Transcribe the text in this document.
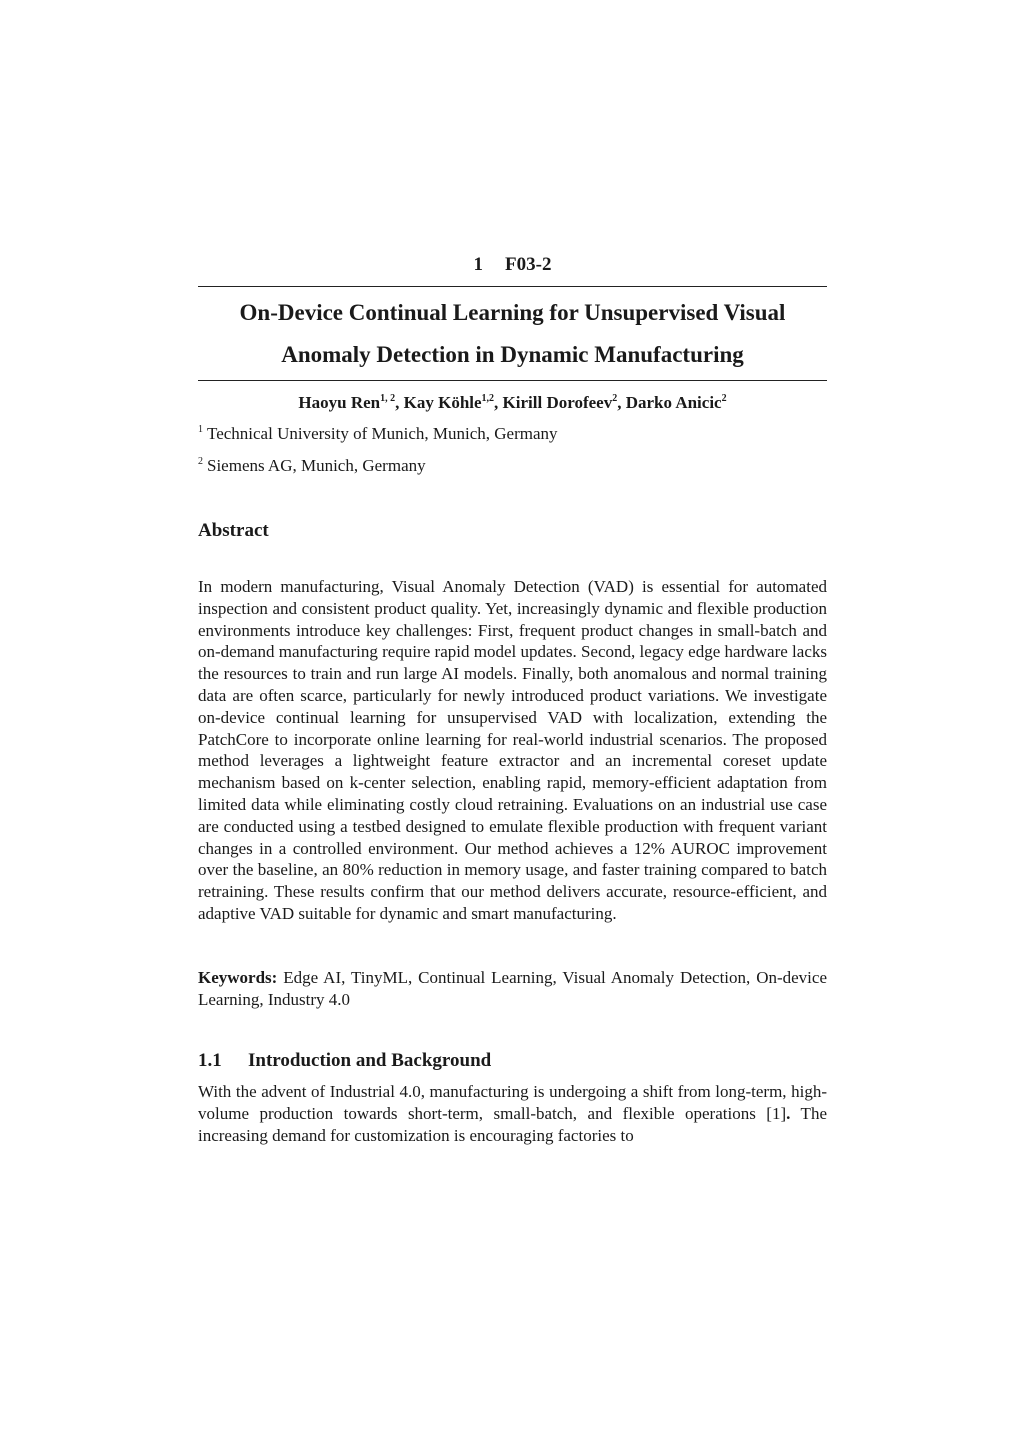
1 F03-2
On-Device Continual Learning for Unsupervised Visual
Anomaly Detection in Dynamic Manufacturing
Haoyu Ren$^{1, 2}$, Kay Köhle$^{1,2}$, Kirill Dorofeev$^2$, Darko Anicic$^2$
$^1$ Technical University of Munich, Munich, Germany
$^2$ Siemens AG, Munich, Germany
Abstract
In modern manufacturing, Visual Anomaly Detection (VAD) is essential for automated inspection and consistent product quality. Yet, increasingly dynamic and flexible production environments introduce key challenges: First, frequent product changes in small-batch and on-demand manufacturing require rapid model updates. Second, legacy edge hardware lacks the resources to train and run large AI models. Finally, both anomalous and normal training data are often scarce, particularly for newly introduced product variations. We investigate on-device continual learning for unsupervised VAD with localization, extending the PatchCore to incorporate online learning for real-world industrial scenarios. The proposed method leverages a lightweight feature extractor and an incremental coreset update mechanism based on k-center selection, enabling rapid, memory-efficient adaptation from limited data while eliminating costly cloud retraining. Evaluations on an industrial use case are conducted using a testbed designed to emulate flexible production with frequent variant changes in a controlled environment. Our method achieves a 12% AUROC improvement over the baseline, an 80% reduction in memory usage, and faster training compared to batch retraining. These results confirm that our method delivers accurate, resource-efficient, and adaptive VAD suitable for dynamic and smart manufacturing.
Keywords: Edge AI, TinyML, Continual Learning, Visual Anomaly Detection, On-device Learning, Industry 4.0
1.1	Introduction and Background
With the advent of Industrial 4.0, manufacturing is undergoing a shift from long-term, high-volume production towards short-term, small-batch, and flexible operations [1]. The increasing demand for customization is encouraging factories to
